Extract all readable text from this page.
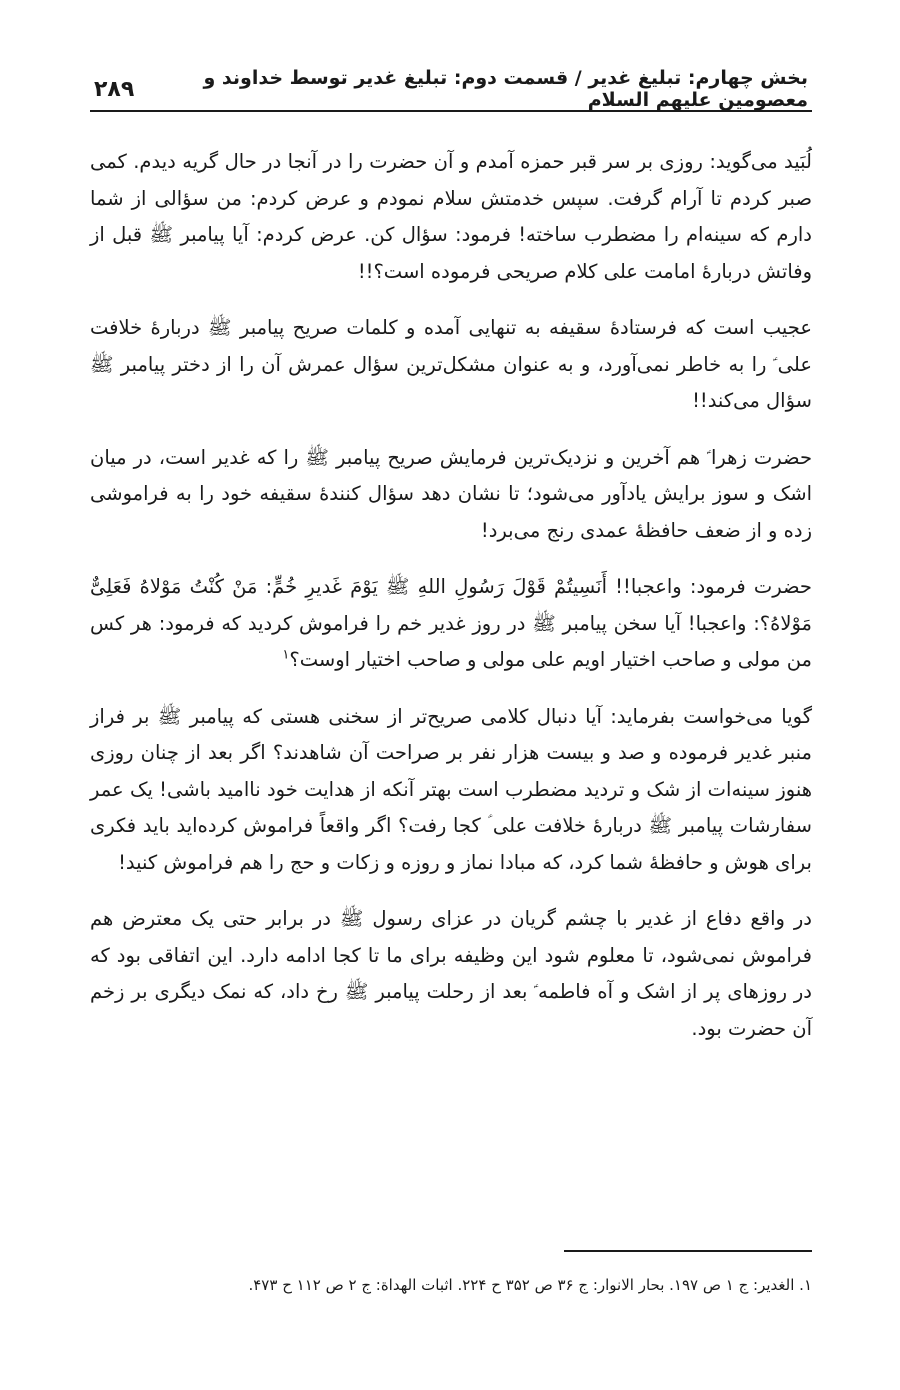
بخش چهارم: تبلیغ غدیر / قسمت دوم: تبلیغ غدیر توسط خداوند و معصومین علیهم السلام
۲۸۹

لُبَید می‌گوید: روزی بر سر قبر حمزه آمدم و آن حضرت را در آنجا در حال گریه دیدم. کمی صبر کردم تا آرام گرفت. سپس خدمتش سلام نمودم و عرض کردم: من سؤالی از شما دارم که سینه‌ام را مضطرب ساخته! فرمود: سؤال کن. عرض کردم: آیا پیامبر ﷺ قبل از وفاتش دربارهٔ امامت علی کلام صریحی فرموده است؟!!

عجیب است که فرستادهٔ سقیفه به تنهایی آمده و کلمات صریح پیامبر ﷺ دربارهٔ خلافت علی ؑ را به خاطر نمی‌آورد، و به عنوان مشکل‌ترین سؤال عمرش آن را از دختر پیامبر ﷺ سؤال می‌کند!!

حضرت زهرا ؑ هم آخرین و نزدیک‌ترین فرمایش صریح پیامبر ﷺ را که غدیر است، در میان اشک و سوز برایش یادآور می‌شود؛ تا نشان دهد سؤال کنندهٔ سقیفه خود را به فراموشی زده و از ضعف حافظهٔ عمدی رنج می‌برد!

حضرت فرمود: واعجبا!! أَنَسِیتُمْ قَوْلَ رَسُولِ اللهِ ﷺ یَوْمَ غَدیرِ خُمٍّ: مَنْ کُنْتُ مَوْلاهُ فَعَلِیٌّ مَوْلاهُ؟: واعجبا! آیا سخن پیامبر ﷺ در روز غدیر خم را فراموش کردید که فرمود: هر کس من مولی و صاحب اختیار اویم علی مولی و صاحب اختیار اوست؟$^۱$

گویا می‌خواست بفرماید: آیا دنبال کلامی صریح‌تر از سخنی هستی که پیامبر ﷺ بر فراز منبر غدیر فرموده و صد و بیست هزار نفر بر صراحت آن شاهدند؟ اگر بعد از چنان روزی هنوز سینه‌ات از شک و تردید مضطرب است بهتر آنکه از هدایت خود ناامید باشی! یک عمر سفارشات پیامبر ﷺ دربارهٔ خلافت علی ؑ کجا رفت؟ اگر واقعاً فراموش کرده‌اید باید فکری برای هوش و حافظهٔ شما کرد، که مبادا نماز و روزه و زکات و حج را هم فراموش کنید!

در واقع دفاع از غدیر با چشم گریان در عزای رسول ﷺ در برابر حتی یک معترض هم فراموش نمی‌شود، تا معلوم شود این وظیفه برای ما تا کجا ادامه دارد. این اتفاقی بود که در روزهای پر از اشک و آه فاطمه ؑ بعد از رحلت پیامبر ﷺ رخ داد، که نمک دیگری بر زخم آن حضرت بود.

۱. الغدیر: ج ۱ ص ۱۹۷. بحار الانوار: ج ۳۶ ص ۳۵۲ ح ۲۲۴. اثبات الهداة: ج ۲ ص ۱۱۲ ح ۴۷۳.
